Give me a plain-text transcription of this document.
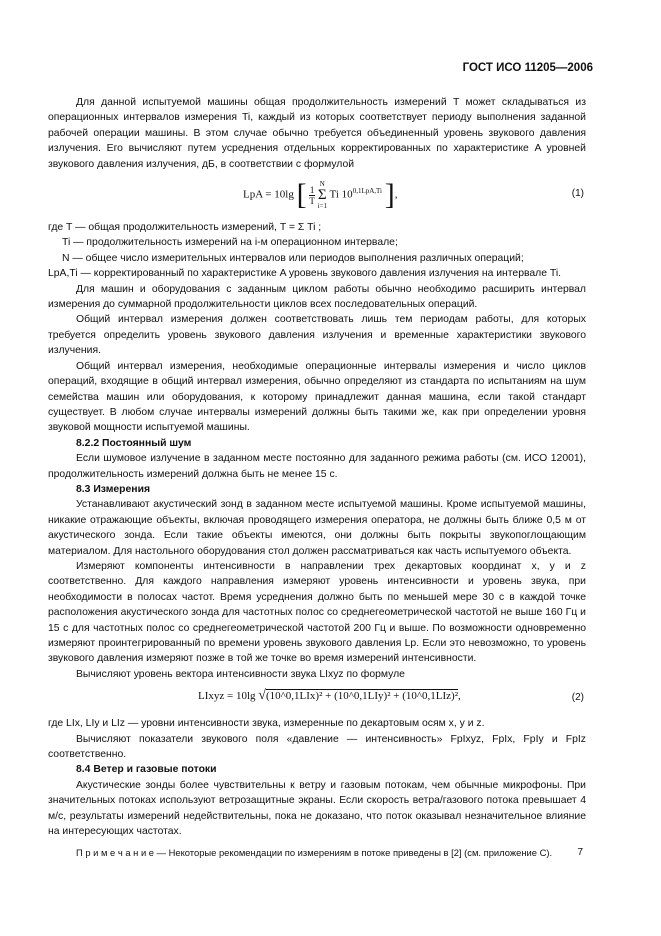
ГОСТ ИСО 11205—2006

Для данной испытуемой машины общая продолжительность измерений T может складываться из операционных интервалов измерения Ti, каждый из которых соответствует периоду выполнения заданной рабочей операции машины. В этом случае обычно требуется объединенный уровень звукового давления излучения. Его вычисляют путем усреднения отдельных корректированных по характеристике A уровней звукового давления излучения, дБ, в соответствии с формулой

LpA = 10lg [ $\frac{1}{T}$

N
Σ
i=1
Ti $10^{0,1LpA,Ti}$ ],	(1)

где T — общая продолжительность измерений, T = Σ Ti ;

Ti — продолжительность измерений на i-м операционном интервале;

N — общее число измерительных интервалов или периодов выполнения различных операций;

LpA,Ti — корректированный по характеристике A уровень звукового давления излучения на интервале Ti.

Для машин и оборудования с заданным циклом работы обычно необходимо расширить интервал измерения до суммарной продолжительности циклов всех последовательных операций.

Общий интервал измерения должен соответствовать лишь тем периодам работы, для которых требуется определить уровень звукового давления излучения и временные характеристики звукового излучения.

Общий интервал измерения, необходимые операционные интервалы измерения и число циклов операций, входящие в общий интервал измерения, обычно определяют из стандарта по испытаниям на шум семейства машин или оборудования, к которому принадлежит данная машина, если такой стандарт существует. В любом случае интервалы измерений должны быть такими же, как при определении уровня звуковой мощности испытуемой машины.

8.2.2 Постоянный шум

Если шумовое излучение в заданном месте постоянно для заданного режима работы (см. ИСО 12001), продолжительность измерений должна быть не менее 15 с.

8.3 Измерения

Устанавливают акустический зонд в заданном месте испытуемой машины. Кроме испытуемой машины, никакие отражающие объекты, включая проводящего измерения оператора, не должны быть ближе 0,5 м от акустического зонда. Если такие объекты имеются, они должны быть покрыты звукопоглощающим материалом. Для настольного оборудования стол должен рассматриваться как часть испытуемого объекта.

Измеряют компоненты интенсивности в направлении трех декартовых координат x, y и z соответственно. Для каждого направления измеряют уровень интенсивности и уровень звука, при необходимости в полосах частот. Время усреднения должно быть по меньшей мере 30 с в каждой точке расположения акустического зонда для частотных полос со среднегеометрической частотой не выше 160 Гц и 15 с для частотных полос со среднегеометрической частотой 200 Гц и выше. По возможности одновременно измеряют проинтегрированный по времени уровень звукового давления Lp. Если это невозможно, то уровень звукового давления измеряют позже в той же точке во время измерений интенсивности.

Вычисляют уровень вектора интенсивности звука LIxyz по формуле

LIxyz = 10lg √(10^0,1LIx)² + (10^0,1LIy)² + (10^0,1LIz)²,	(2)

где LIx, LIy и LIz — уровни интенсивности звука, измеренные по декартовым осям x, y и z.

Вычисляют показатели звукового поля «давление — интенсивность» FpIxyz, FpIx, FpIy и FpIz соответственно.

8.4 Ветер и газовые потоки

Акустические зонды более чувствительны к ветру и газовым потокам, чем обычные микрофоны. При значительных потоках используют ветрозащитные экраны. Если скорость ветра/газового потока превышает 4 м/с, результаты измерений недействительны, пока не доказано, что поток оказывал незначительное влияние на интересующих частотах.

П р и м е ч а н и е — Некоторые рекомендации по измерениям в потоке приведены в [2] (см. приложение С).	7
